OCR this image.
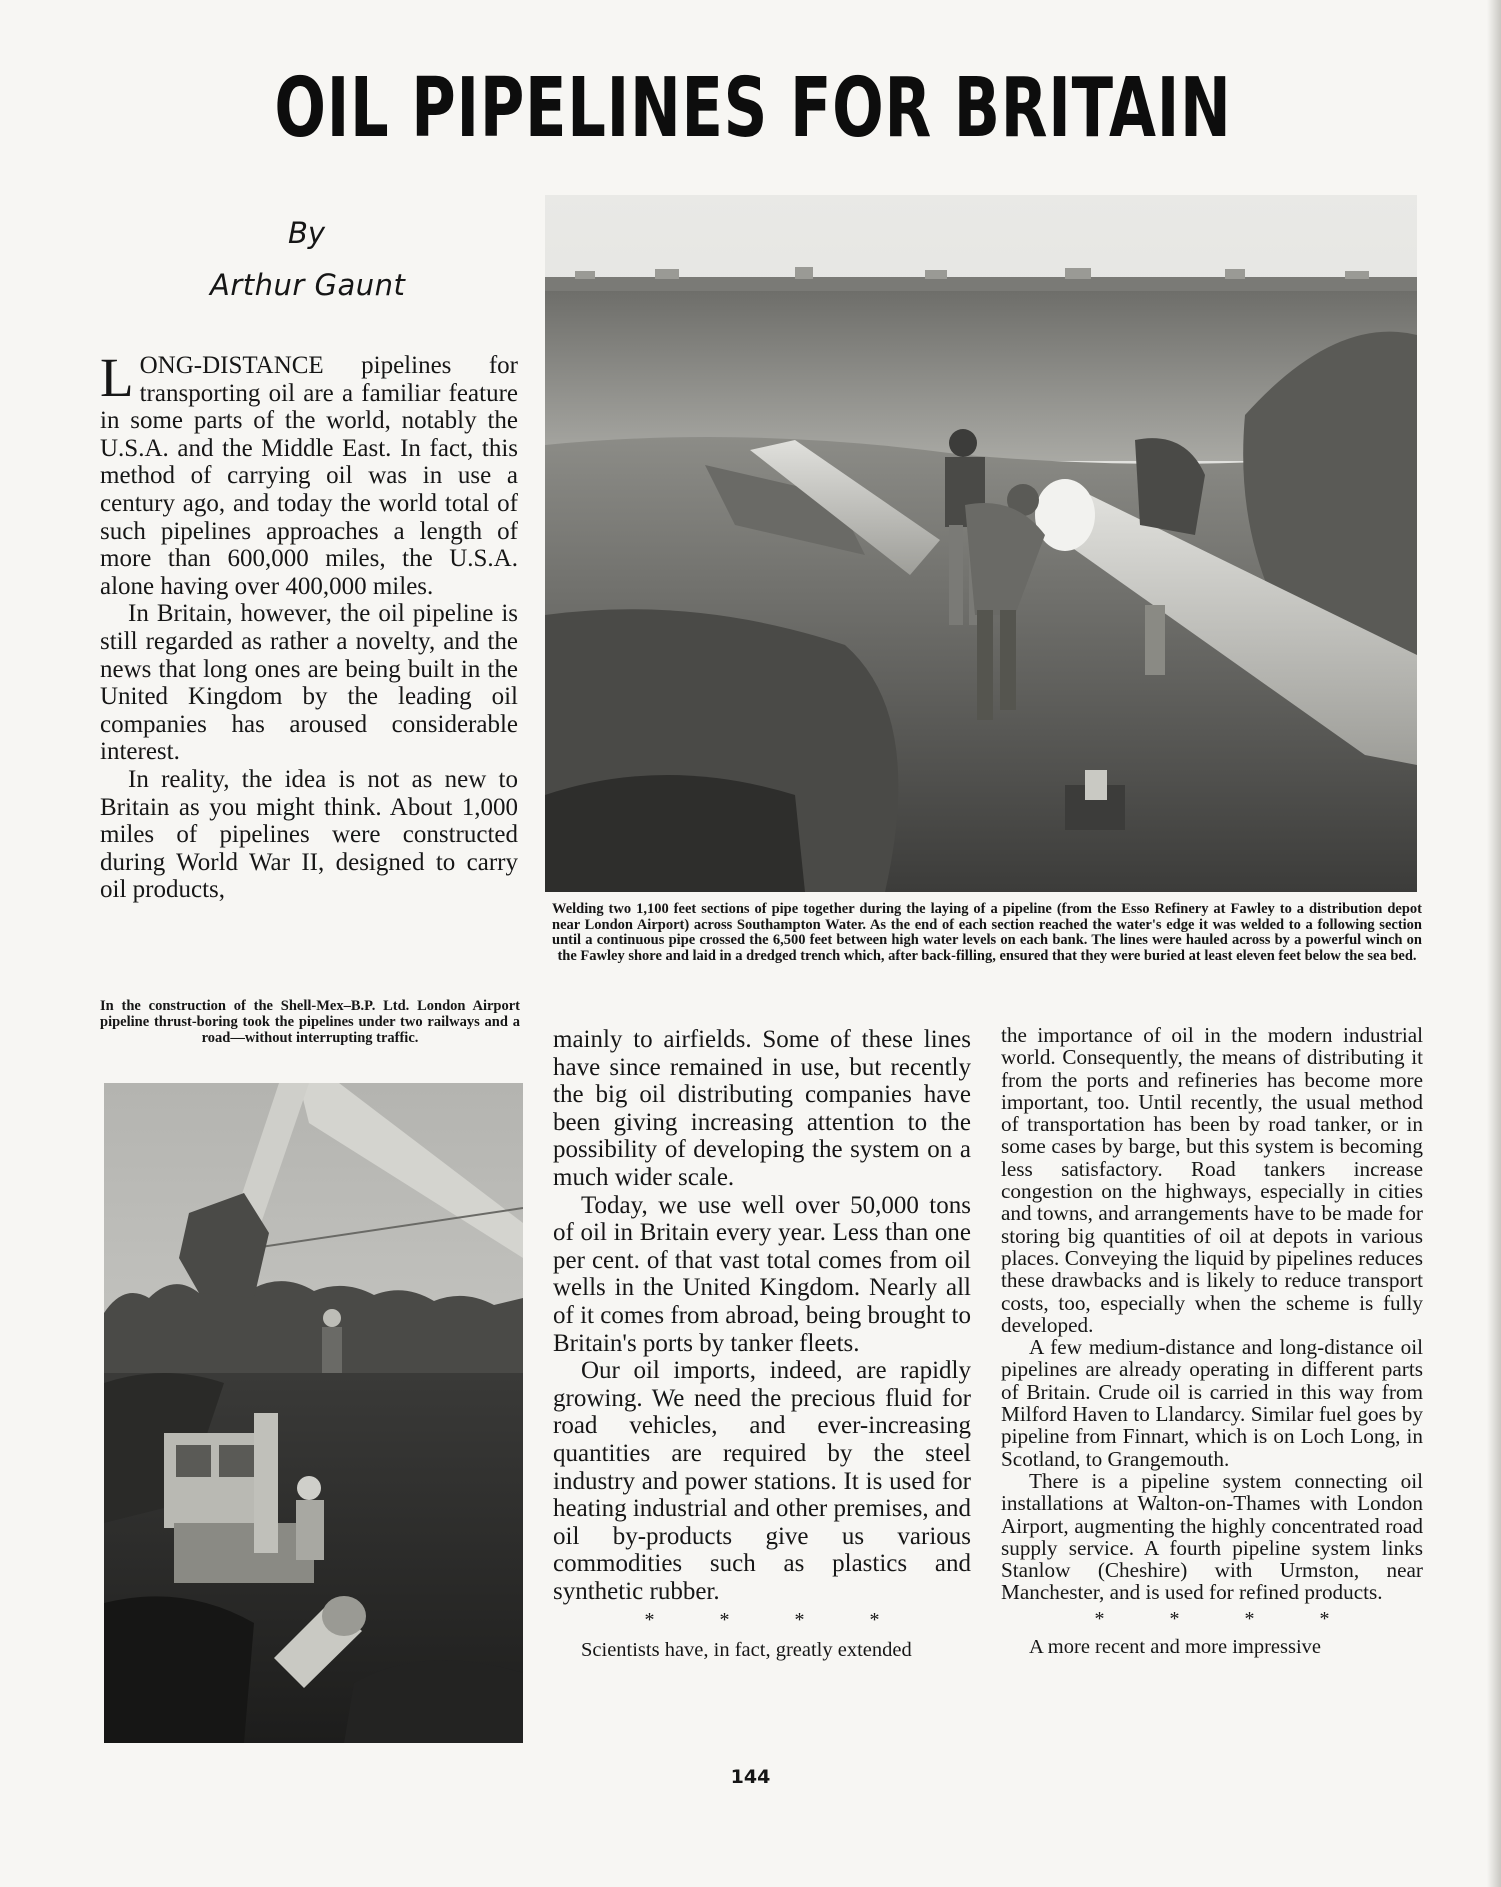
OIL PIPELINES FOR BRITAIN
By
Arthur Gaunt

LONG-DISTANCE pipelines for transporting oil are a familiar feature in some parts of the world, notably the U.S.A. and the Middle East. In fact, this method of carrying oil was in use a century ago, and today the world total of such pipelines approaches a length of more than 600,000 miles, the U.S.A. alone having over 400,000 miles.

In Britain, however, the oil pipeline is still regarded as rather a novelty, and the news that long ones are being built in the United Kingdom by the leading oil companies has aroused considerable interest.

In reality, the idea is not as new to Britain as you might think. About 1,000 miles of pipelines were constructed during World War II, designed to carry oil products,

In the construction of the Shell-Mex–B.P. Ltd. London Airport pipeline thrust-boring took the pipelines under two railways and a road—without interrupting traffic.
Welding two 1,100 feet sections of pipe together during the laying of a pipeline (from the Esso Refinery at Fawley to a distribution depot near London Airport) across Southampton Water. As the end of each section reached the water's edge it was welded to a following section until a continuous pipe crossed the 6,500 feet between high water levels on each bank. The lines were hauled across by a powerful winch on the Fawley shore and laid in a dredged trench which, after back-filling, ensured that they were buried at least eleven feet below the sea bed.

mainly to airfields. Some of these lines have since remained in use, but recently the big oil distributing companies have been giving increasing attention to the possibility of developing the system on a much wider scale.

Today, we use well over 50,000 tons of oil in Britain every year. Less than one per cent. of that vast total comes from oil wells in the United Kingdom. Nearly all of it comes from abroad, being brought to Britain's ports by tanker fleets.

Our oil imports, indeed, are rapidly growing. We need the precious fluid for road vehicles, and ever-increasing quantities are required by the steel industry and power stations. It is used for heating industrial and other premises, and oil by-products give us various commodities such as plastics and synthetic rubber.

* * * *

Scientists have, in fact, greatly extended

the importance of oil in the modern industrial world. Consequently, the means of distributing it from the ports and refineries has become more important, too. Until recently, the usual method of transportation has been by road tanker, or in some cases by barge, but this system is becoming less satisfactory. Road tankers increase congestion on the highways, especially in cities and towns, and arrangements have to be made for storing big quantities of oil at depots in various places. Conveying the liquid by pipelines reduces these drawbacks and is likely to reduce transport costs, too, especially when the scheme is fully developed.

A few medium-distance and long-distance oil pipelines are already operating in different parts of Britain. Crude oil is carried in this way from Milford Haven to Llandarcy. Similar fuel goes by pipeline from Finnart, which is on Loch Long, in Scotland, to Grangemouth.

There is a pipeline system connecting oil installations at Walton-on-Thames with London Airport, augmenting the highly concentrated road supply service. A fourth pipeline system links Stanlow (Cheshire) with Urmston, near Manchester, and is used for refined products.

* * * *

A more recent and more impressive

144
